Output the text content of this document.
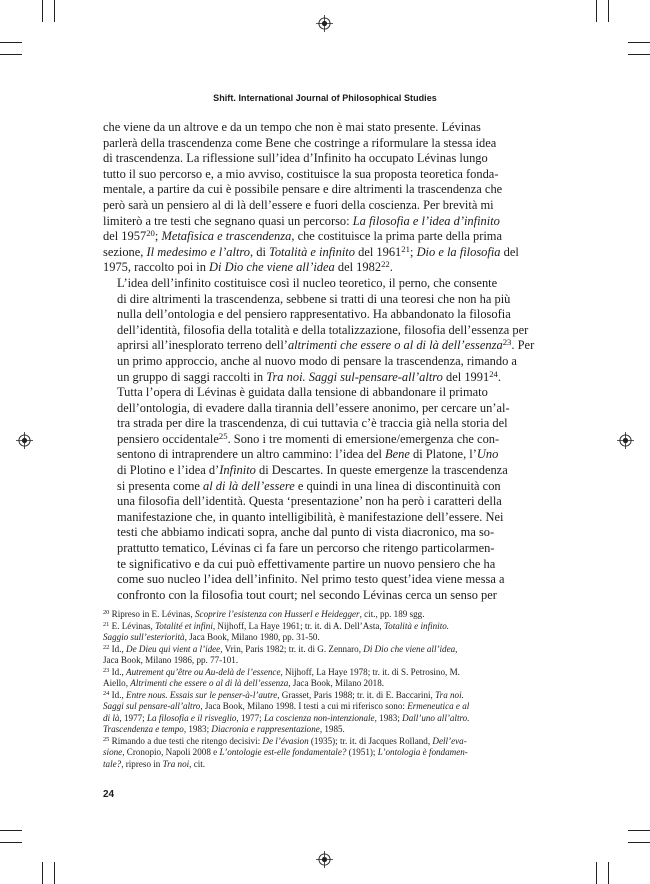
Shift. International Journal of Philosophical Studies

che viene da un altrove e da un tempo che non è mai stato presente. Lévinas
parlerà della trascendenza come Bene che costringe a riformulare la stessa idea
di trascendenza. La riflessione sull’idea d’Infinito ha occupato Lévinas lungo
tutto il suo percorso e, a mio avviso, costituisce la sua proposta teoretica fonda-
mentale, a partire da cui è possibile pensare e dire altrimenti la trascendenza che
però sarà un pensiero al di là dell’essere e fuori della coscienza. Per brevità mi
limiterò a tre testi che segnano quasi un percorso: La filosofia e l’idea d’infinito
del 1957$^{20}$; Metafisica e trascendenza, che costituisce la prima parte della prima
sezione, Il medesimo e l’altro, di Totalità e infinito del 1961$^{21}$; Dio e la filosofia del
1975, raccolto poi in Di Dio che viene all’idea del 1982$^{22}$.

L’idea dell’infinito costituisce così il nucleo teoretico, il perno, che consente
di dire altrimenti la trascendenza, sebbene si tratti di una teoresi che non ha più
nulla dell’ontologia e del pensiero rappresentativo. Ha abbandonato la filosofia
dell’identità, filosofia della totalità e della totalizzazione, filosofia dell’essenza per
aprirsi all’inesplorato terreno dell’altrimenti che essere o al di là dell’essenza$^{23}$. Per
un primo approccio, anche al nuovo modo di pensare la trascendenza, rimando a
un gruppo di saggi raccolti in Tra noi. Saggi sul-pensare-all’altro del 1991$^{24}$.

Tutta l’opera di Lévinas è guidata dalla tensione di abbandonare il primato
dell’ontologia, di evadere dalla tirannia dell’essere anonimo, per cercare un’al-
tra strada per dire la trascendenza, di cui tuttavia c’è traccia già nella storia del
pensiero occidentale$^{25}$. Sono i tre momenti di emersione/emergenza che con-
sentono di intraprendere un altro cammino: l’idea del Bene di Platone, l’Uno
di Plotino e l’idea d’Infinito di Descartes. In queste emergenze la trascendenza
si presenta come al di là dell’essere e quindi in una linea di discontinuità con
una filosofia dell’identità. Questa ‘presentazione’ non ha però i caratteri della
manifestazione che, in quanto intelligibilità, è manifestazione dell’essere. Nei
testi che abbiamo indicati sopra, anche dal punto di vista diacronico, ma so-
prattutto tematico, Lévinas ci fa fare un percorso che ritengo particolarmen-
te significativo e da cui può effettivamente partire un nuovo pensiero che ha
come suo nucleo l’idea dell’infinito. Nel primo testo quest’idea viene messa a
confronto con la filosofia tout court; nel secondo Lévinas cerca un senso per

$^{20}$ Ripreso in E. Lévinas, Scoprire l’esistenza con Husserl e Heidegger, cit., pp. 189 sgg.
$^{21}$ E. Lévinas, Totalité et infini, Nijhoff, La Haye 1961; tr. it. di A. Dell’Asta, Totalità e infinito.
Saggio sull’esteriorità, Jaca Book, Milano 1980, pp. 31-50.
$^{22}$ Id., De Dieu qui vient a l’idee, Vrin, Paris 1982; tr. it. di G. Zennaro, Di Dio che viene all’idea,
Jaca Book, Milano 1986, pp. 77-101.
$^{23}$ Id., Autrement qu’être ou Au-delà de l’essence, Nijhoff, La Haye 1978; tr. it. di S. Petrosino, M.
Aiello, Altrimenti che essere o al di là dell’essenza, Jaca Book, Milano 2018.
$^{24}$ Id., Entre nous. Essais sur le penser-à-l’autre, Grasset, Paris 1988; tr. it. di E. Baccarini, Tra noi.
Saggi sul pensare-all’altro, Jaca Book, Milano 1998. I testi a cui mi riferisco sono: Ermeneutica e al
di là, 1977; La filosofia e il risveglio, 1977; La coscienza non-intenzionale, 1983; Dall’uno all’altro.
Trascendenza e tempo, 1983; Diacronia e rappresentazione, 1985.
$^{25}$ Rimando a due testi che ritengo decisivi: De l’évasion (1935); tr. it. di Jacques Rolland, Dell’eva-
sione, Cronopio, Napoli 2008 e L’ontologie est-elle fondamentale? (1951); L’ontologia è fondamen-
tale?, ripreso in Tra noi, cit.
24
